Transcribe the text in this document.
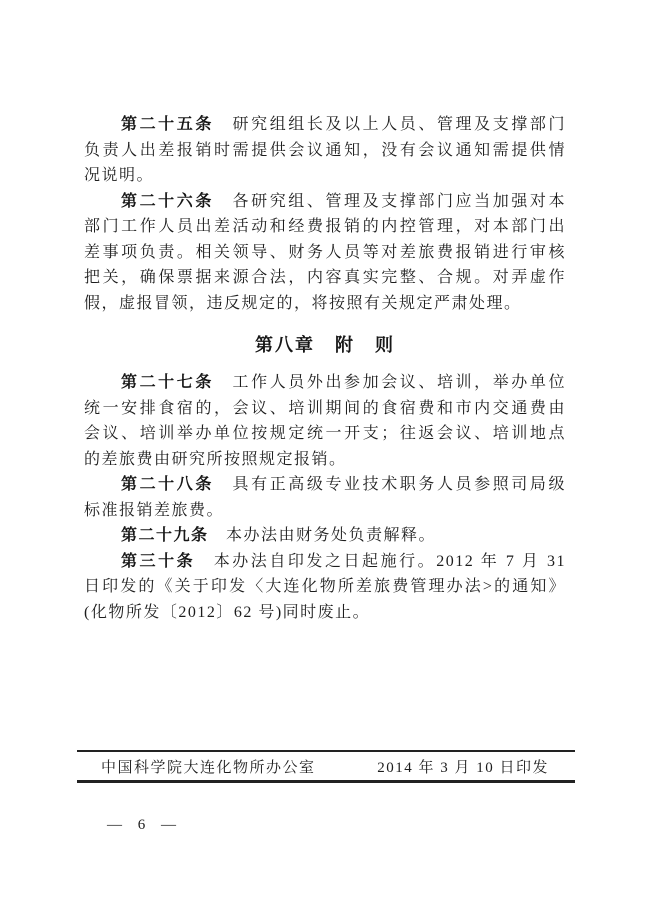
第二十五条　研究组组长及以上人员、管理及支撑部门
负责人出差报销时需提供会议通知，没有会议通知需提供情
况说明。
第二十六条　各研究组、管理及支撑部门应当加强对本
部门工作人员出差活动和经费报销的内控管理，对本部门出
差事项负责。相关领导、财务人员等对差旅费报销进行审核
把关，确保票据来源合法，内容真实完整、合规。对弄虚作
假，虚报冒领，违反规定的，将按照有关规定严肃处理。
第八章　附　则
第二十七条　工作人员外出参加会议、培训，举办单位
统一安排食宿的，会议、培训期间的食宿费和市内交通费由
会议、培训举办单位按规定统一开支；往返会议、培训地点
的差旅费由研究所按照规定报销。
第二十八条　具有正高级专业技术职务人员参照司局级
标准报销差旅费。
第二十九条　本办法由财务处负责解释。
第三十条　本办法自印发之日起施行。2012 年 7 月 31
日印发的《关于印发〈大连化物所差旅费管理办法>的通知》
(化物所发〔2012〕62 号)同时废止。
中国科学院大连化物所办公室	2014 年 3 月 10 日印发
— 6 —
